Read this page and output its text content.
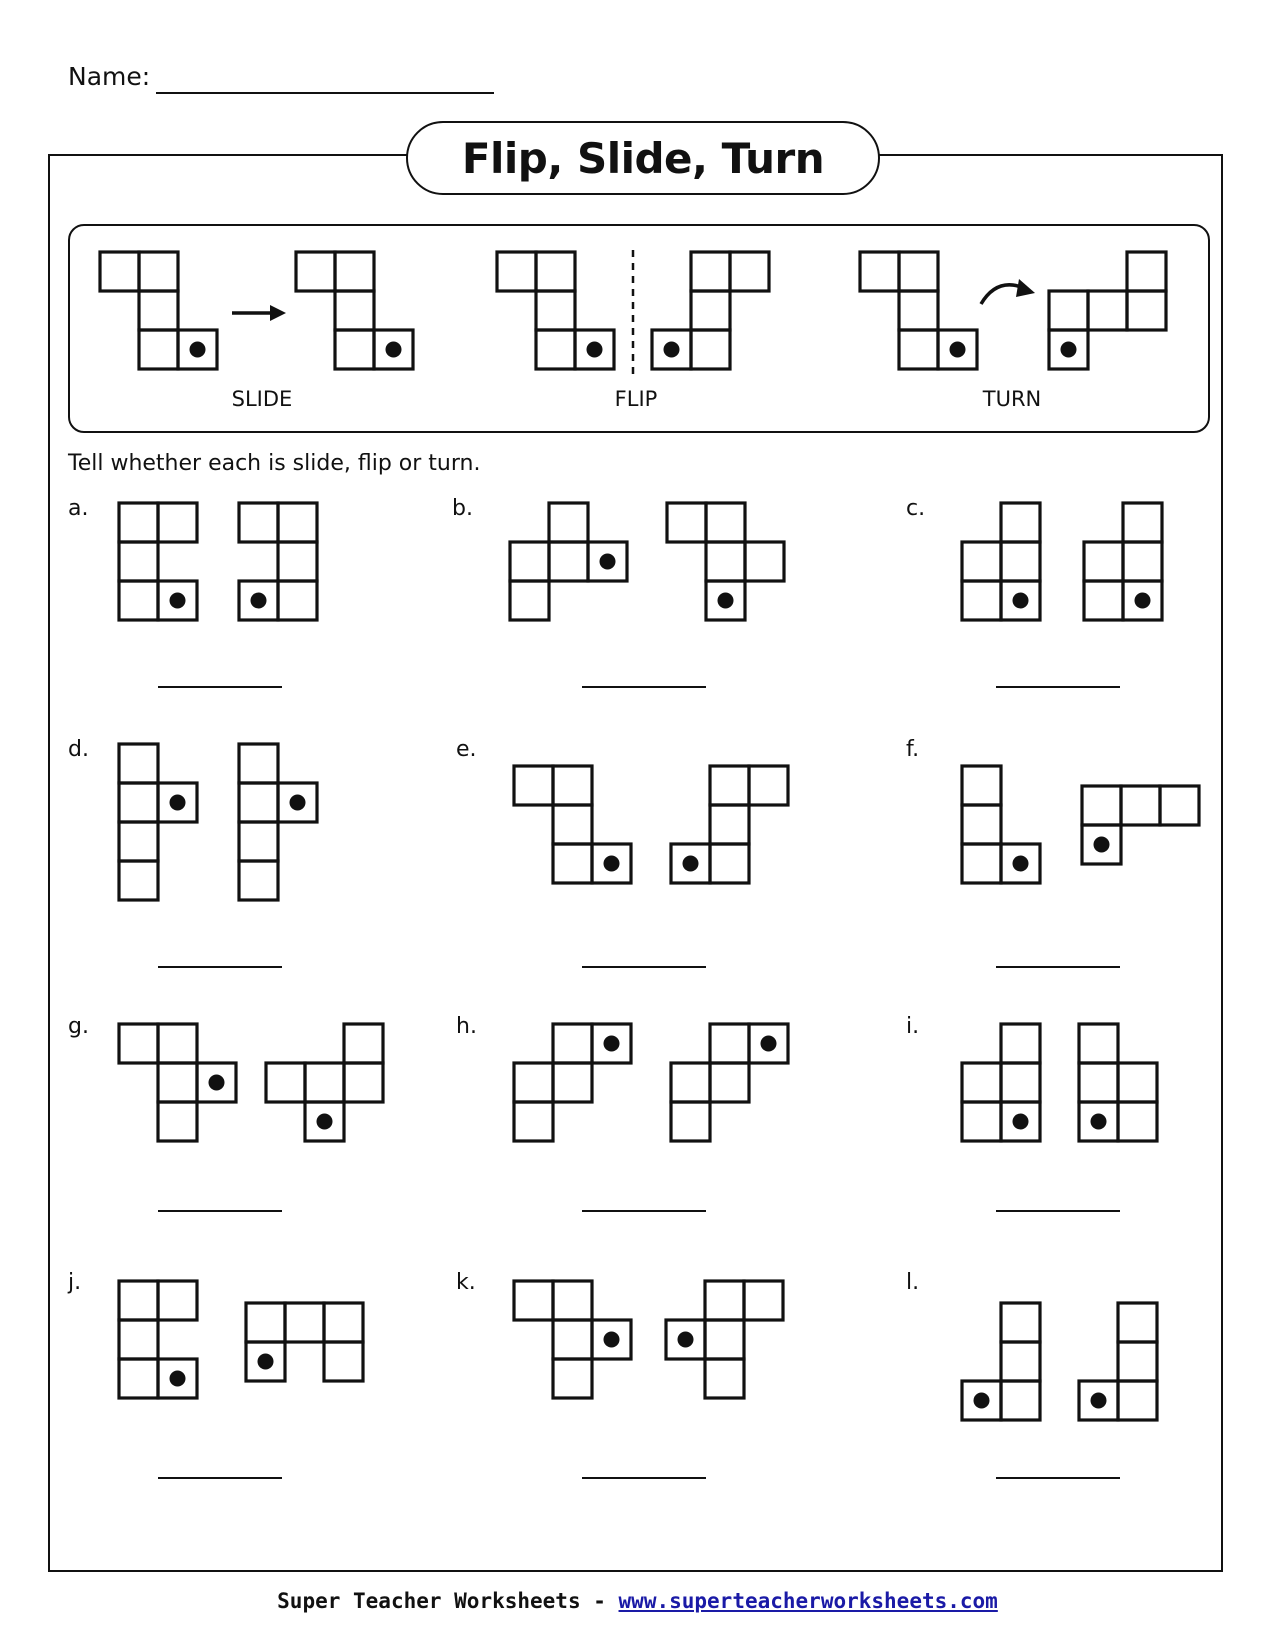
Name:
Flip, Slide, Turn
SLIDE	FLIP	TURN
Tell whether each is slide, flip or turn.
a.	b.	c.
d.	e.	f.
g.	h.	i.
j.	k.	l.
Super Teacher Worksheets - www.superteacherworksheets.com
